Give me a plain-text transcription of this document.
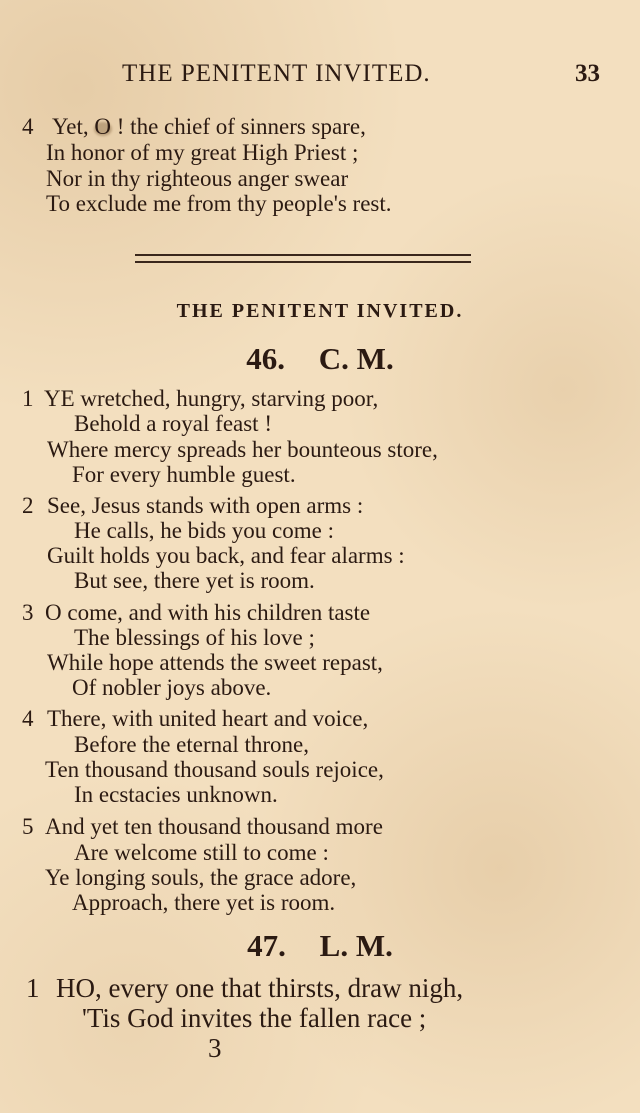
THE PENITENT INVITED.	33
4 Yet, O ! the chief of sinners spare,
In honor of my great High Priest ;
Nor in thy righteous anger swear
To exclude me from thy people's rest.
THE PENITENT INVITED.
46. C. M.
1 YE wretched, hungry, starving poor,
Behold a royal feast !
Where mercy spreads her bounteous store,
For every humble guest.
2 See, Jesus stands with open arms :
He calls, he bids you come :
Guilt holds you back, and fear alarms :
But see, there yet is room.
3 O come, and with his children taste
The blessings of his love ;
While hope attends the sweet repast,
Of nobler joys above.
4 There, with united heart and voice,
Before the eternal throne,
Ten thousand thousand souls rejoice,
In ecstacies unknown.
5 And yet ten thousand thousand more
Are welcome still to come :
Ye longing souls, the grace adore,
Approach, there yet is room.
47. L. M.
1 HO, every one that thirsts, draw nigh,
'Tis God invites the fallen race ;
3
